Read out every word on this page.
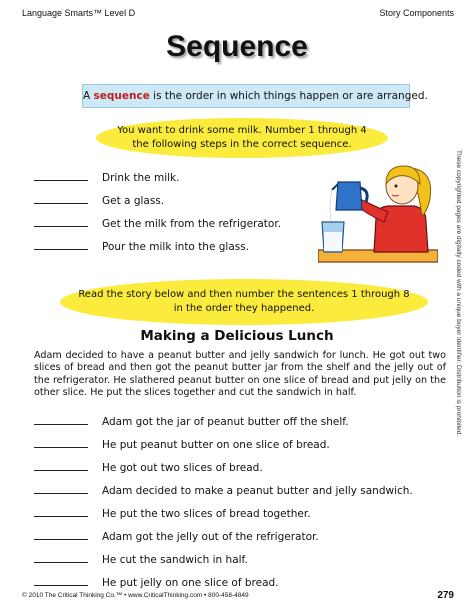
Language Smarts™ Level D	Story Components
Sequence
A sequence is the order in which things happen or are arranged.
You want to drink some milk. Number 1 through 4
the following steps in the correct sequence.
Drink the milk.
Get a glass.
Get the milk from the refrigerator.
Pour the milk into the glass.
Read the story below and then number the sentences 1 through 8
in the order they happened.
Making a Delicious Lunch
Adam decided to have a peanut butter and jelly sandwich for lunch. He got out two slices of bread and then got the peanut butter jar from the shelf and the jelly out of the refrigerator. He slathered peanut butter on one slice of bread and put jelly on the other slice. He put the slices together and cut the sandwich in half.
Adam got the jar of peanut butter off the shelf.
He put peanut butter on one slice of bread.
He got out two slices of bread.
Adam decided to make a peanut butter and jelly sandwich.
He put the two slices of bread together.
Adam got the jelly out of the refrigerator.
He cut the sandwich in half.
He put jelly on one slice of bread.
These copyrighted pages are digitally coded with a unique buyer identifier. Distribution is prohibited.
© 2010 The Critical Thinking Co.™ • www.CriticalThinking.com • 800-458-4849	279
